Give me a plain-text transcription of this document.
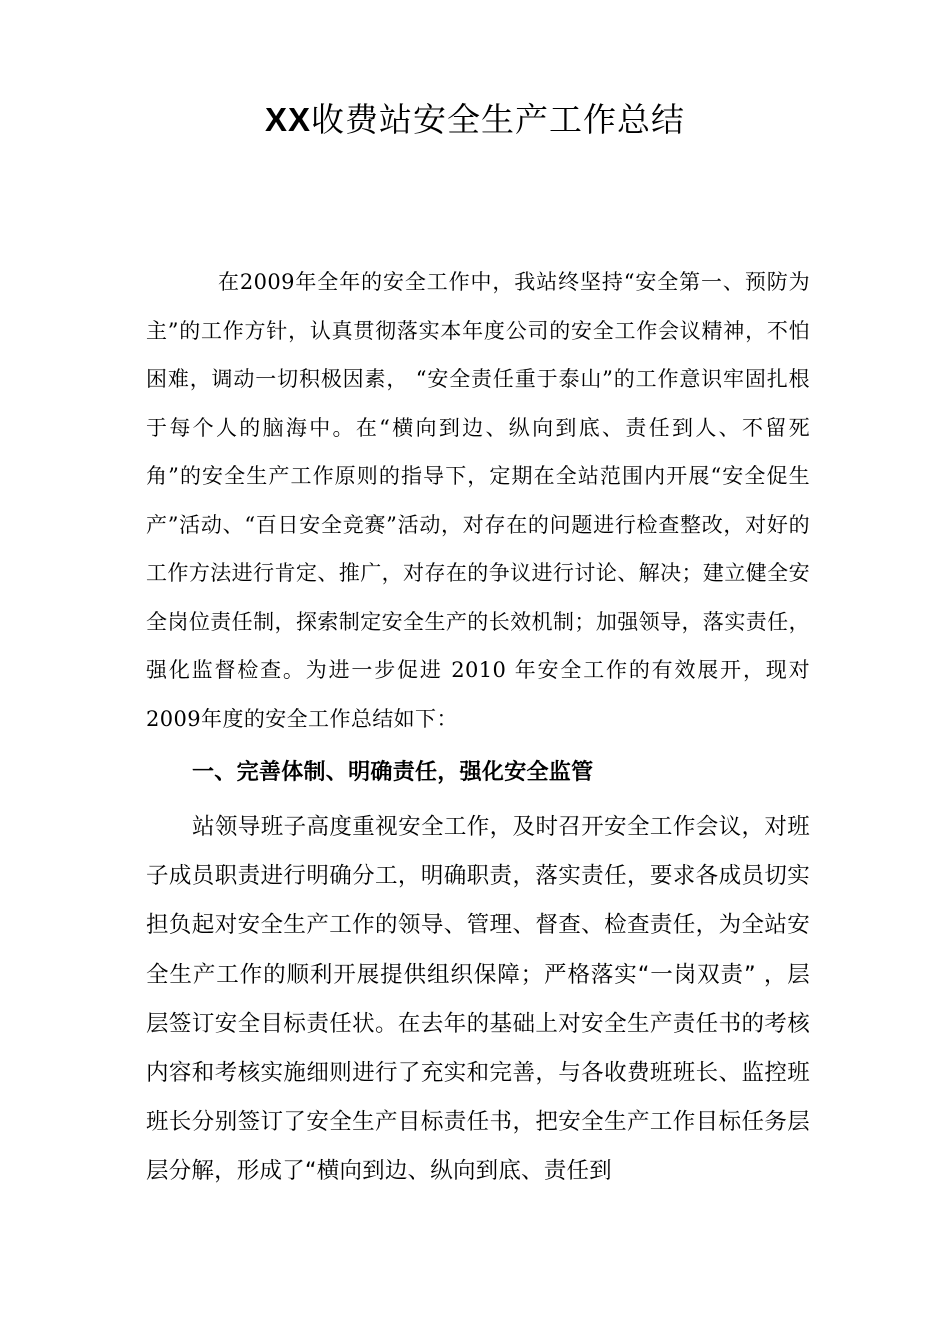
XX收费站安全生产工作总结

在2009年全年的安全工作中，我站终坚持“安全第一、预防为主”的工作方针，认真贯彻落实本年度公司的安全工作会议精神，不怕困难，调动一切积极因素， “安全责任重于泰山”的工作意识牢固扎根于每个人的脑海中。在“横向到边、纵向到底、责任到人、不留死角”的安全生产工作原则的指导下，定期在全站范围内开展“安全促生产”活动、“百日安全竞赛”活动，对存在的问题进行检查整改，对好的工作方法进行肯定、推广，对存在的争议进行讨论、解决；建立健全安全岗位责任制，探索制定安全生产的长效机制；加强领导，落实责任，强化监督检查。为进一步促进 2010 年安全工作的有效展开，现对2009年度的安全工作总结如下：

一、完善体制、明确责任，强化安全监管

站领导班子高度重视安全工作，及时召开安全工作会议，对班子成员职责进行明确分工，明确职责，落实责任，要求各成员切实担负起对安全生产工作的领导、管理、督查、检查责任，为全站安全生产工作的顺利开展提供组织保障；严格落实“一岗双责” ，层层签订安全目标责任状。在去年的基础上对安全生产责任书的考核内容和考核实施细则进行了充实和完善，与各收费班班长、监控班班长分别签订了安全生产目标责任书，把安全生产工作目标任务层层分解，形成了“横向到边、纵向到底、责任到
